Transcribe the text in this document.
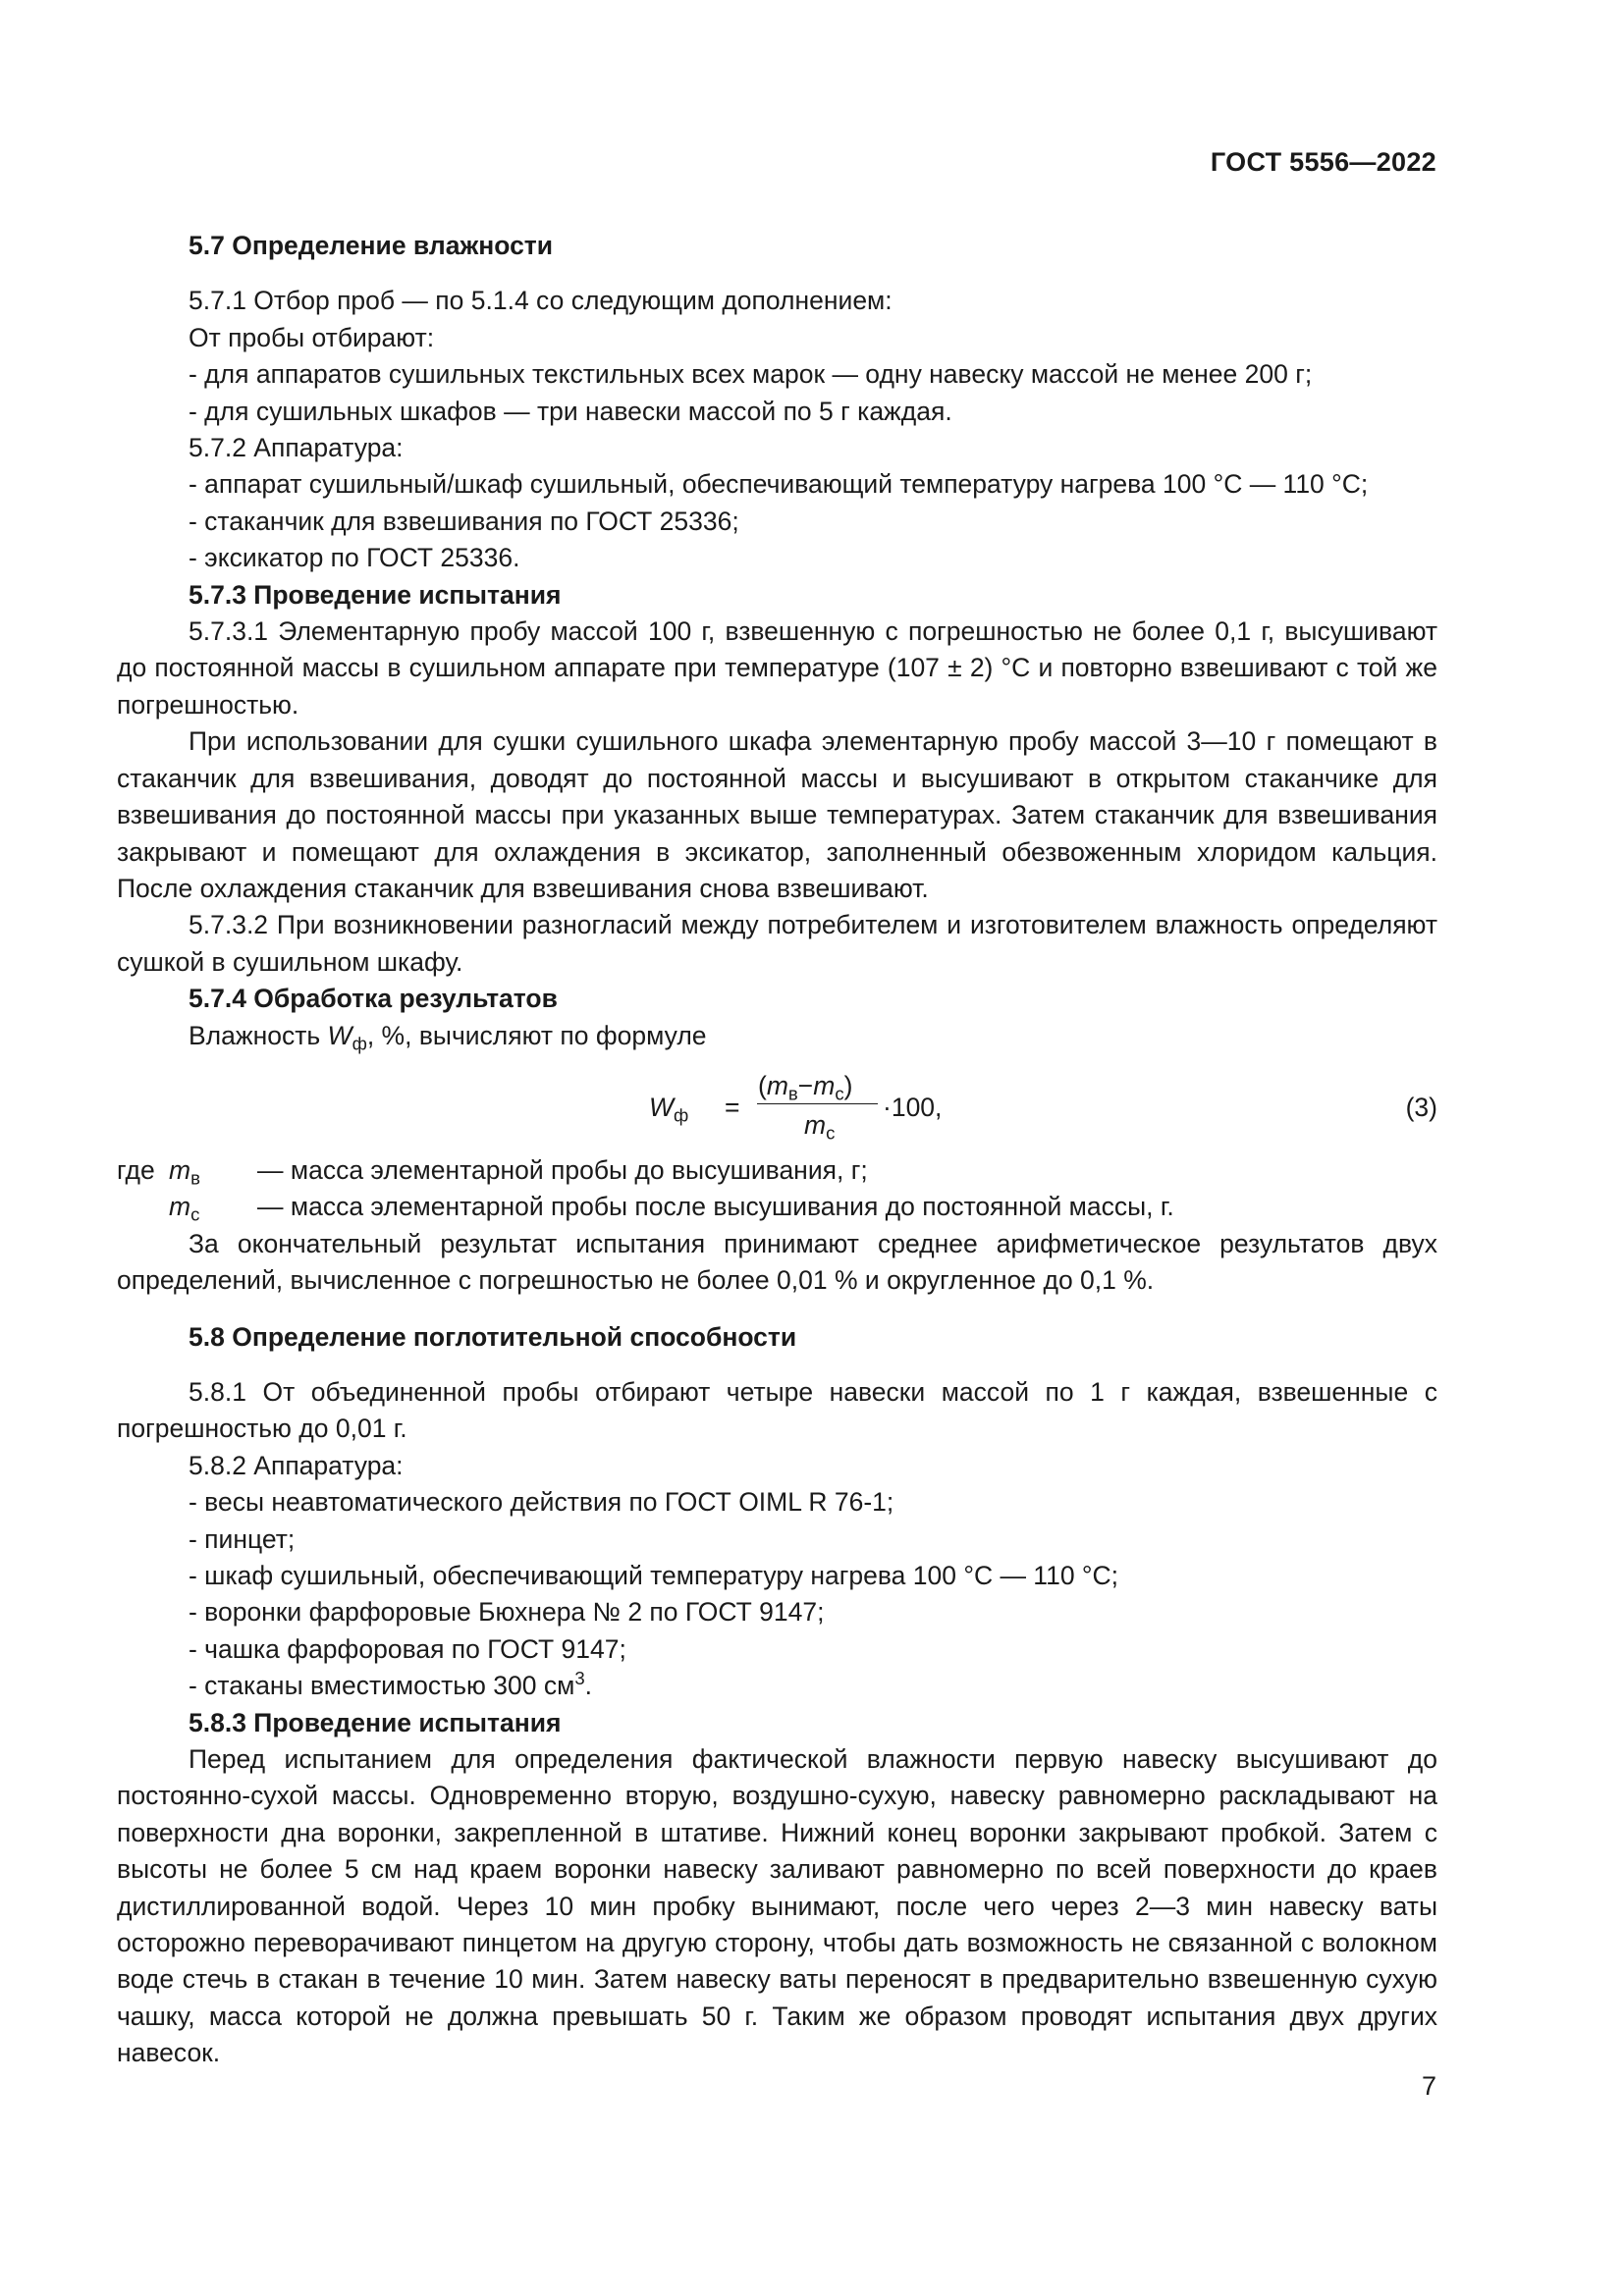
ГОСТ 5556—2022

5.7 Определение влажности

5.7.1 Отбор проб — по 5.1.4 со следующим дополнением:

От пробы отбирают:

- для аппаратов сушильных текстильных всех марок — одну навеску массой не менее 200 г;

- для сушильных шкафов — три навески массой по 5 г каждая.

5.7.2 Аппаратура:

- аппарат сушильный/шкаф сушильный, обеспечивающий температуру нагрева 100 °С — 110 °С;

- стаканчик для взвешивания по ГОСТ 25336;

- эксикатор по ГОСТ 25336.

5.7.3 Проведение испытания

5.7.3.1 Элементарную пробу массой 100 г, взвешенную с погрешностью не более 0,1 г, высушивают до постоянной массы в сушильном аппарате при температуре (107 ± 2) °С и повторно взвешивают с той же погрешностью.

При использовании для сушки сушильного шкафа элементарную пробу массой 3—10 г помещают в стаканчик для взвешивания, доводят до постоянной массы и высушивают в открытом стаканчике для взвешивания до постоянной массы при указанных выше температурах. Затем стаканчик для взвешивания закрывают и помещают для охлаждения в эксикатор, заполненный обезвоженным хлоридом кальция. После охлаждения стаканчик для взвешивания снова взвешивают.

5.7.3.2 При возникновении разногласий между потребителем и изготовителем влажность определяют сушкой в сушильном шкафу.

5.7.4 Обработка результатов

Влажность $W_ф$, %, вычисляют по формуле

$W_ф$ =
$(m_в-m_с)$
$m_с$
·100,	(3)
где $m_в$ — масса элементарной пробы до высушивания, г;
$m_с$ — масса элементарной пробы после высушивания до постоянной массы, г.

За окончательный результат испытания принимают среднее арифметическое результатов двух определений, вычисленное с погрешностью не более 0,01 % и округленное до 0,1 %.

5.8 Определение поглотительной способности

5.8.1 От объединенной пробы отбирают четыре навески массой по 1 г каждая, взвешенные с погрешностью до 0,01 г.

5.8.2 Аппаратура:

- весы неавтоматического действия по ГОСТ OIML R 76-1;

- пинцет;

- шкаф сушильный, обеспечивающий температуру нагрева 100 °С — 110 °С;

- воронки фарфоровые Бюхнера № 2 по ГОСТ 9147;

- чашка фарфоровая по ГОСТ 9147;

- стаканы вместимостью 300 $см^3$.

5.8.3 Проведение испытания

Перед испытанием для определения фактической влажности первую навеску высушивают до постоянно-сухой массы. Одновременно вторую, воздушно-сухую, навеску равномерно раскладывают на поверхности дна воронки, закрепленной в штативе. Нижний конец воронки закрывают пробкой. Затем с высоты не более 5 см над краем воронки навеску заливают равномерно по всей поверхности до краев дистиллированной водой. Через 10 мин пробку вынимают, после чего через 2—3 мин навеску ваты осторожно переворачивают пинцетом на другую сторону, чтобы дать возможность не связанной с волокном воде стечь в стакан в течение 10 мин. Затем навеску ваты переносят в предварительно взвешенную сухую чашку, масса которой не должна превышать 50 г. Таким же образом проводят испытания двух других навесок.

7
